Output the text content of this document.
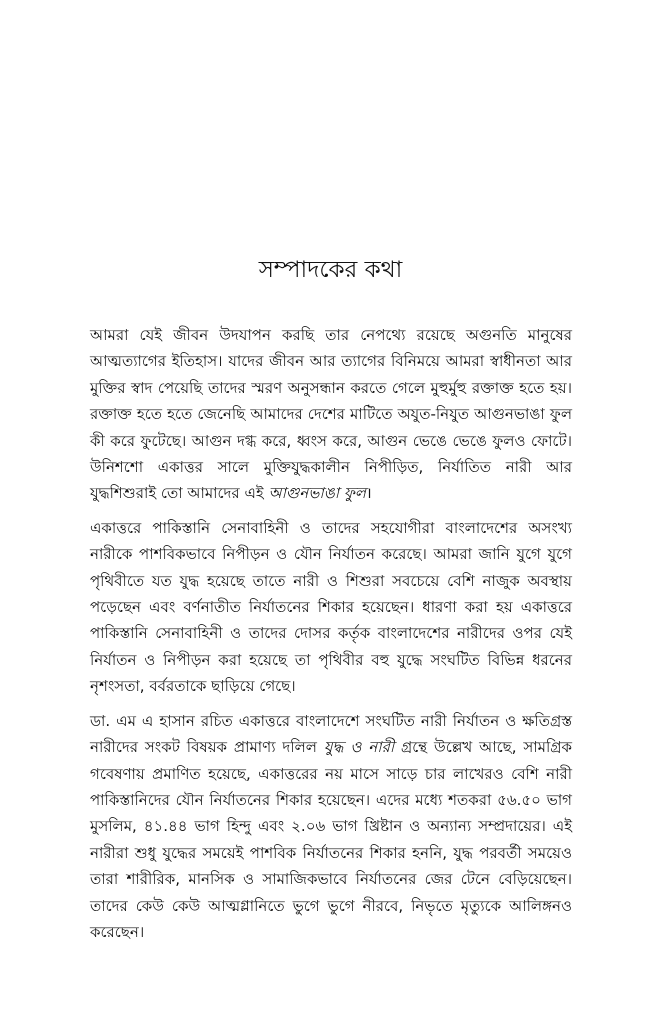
সম্পাদকের কথা

আমরা যেই জীবন উদযাপন করছি তার নেপথ্যে রয়েছে অগুনতি মানুষের আত্মত্যাগের ইতিহাস। যাদের জীবন আর ত্যাগের বিনিময়ে আমরা স্বাধীনতা আর মুক্তির স্বাদ পেয়েছি তাদের স্মরণ অনুসন্ধান করতে গেলে মুহুর্মুহু রক্তাক্ত হতে হয়। রক্তাক্ত হতে হতে জেনেছি আমাদের দেশের মাটিতে অযুত-নিযুত আগুনভাঙা ফুল কী করে ফুটেছে। আগুন দগ্ধ করে, ধ্বংস করে, আগুন ভেঙে ভেঙে ফুলও ফোটে। উনিশশো একাত্তর সালে মুক্তিযুদ্ধকালীন নিপীড়িত, নির্যাতিত নারী আর যুদ্ধশিশুরাই তো আমাদের এই আগুনভাঙা ফুল।

একাত্তরে পাকিস্তানি সেনাবাহিনী ও তাদের সহযোগীরা বাংলাদেশের অসংখ্য নারীকে পাশবিকভাবে নিপীড়ন ও যৌন নির্যাতন করেছে। আমরা জানি যুগে যুগে পৃথিবীতে যত যুদ্ধ হয়েছে তাতে নারী ও শিশুরা সবচেয়ে বেশি নাজুক অবস্থায় পড়েছেন এবং বর্ণনাতীত নির্যাতনের শিকার হয়েছেন। ধারণা করা হয় একাত্তরে পাকিস্তানি সেনাবাহিনী ও তাদের দোসর কর্তৃক বাংলাদেশের নারীদের ওপর যেই নির্যাতন ও নিপীড়ন করা হয়েছে তা পৃথিবীর বহু যুদ্ধে সংঘটিত বিভিন্ন ধরনের নৃশংসতা, বর্বরতাকে ছাড়িয়ে গেছে।

ডা. এম এ হাসান রচিত একাত্তরে বাংলাদেশে সংঘটিত নারী নির্যাতন ও ক্ষতিগ্রস্ত নারীদের সংকট বিষয়ক প্রামাণ্য দলিল যুদ্ধ ও নারী গ্রন্থে উল্লেখ আছে, সামগ্রিক গবেষণায় প্রমাণিত হয়েছে, একাত্তরের নয় মাসে সাড়ে চার লাখেরও বেশি নারী পাকিস্তানিদের যৌন নির্যাতনের শিকার হয়েছেন। এদের মধ্যে শতকরা ৫৬.৫০ ভাগ মুসলিম, ৪১.৪৪ ভাগ হিন্দু এবং ২.০৬ ভাগ খ্রিষ্টান ও অন্যান্য সম্প্রদায়ের। এই নারীরা শুধু যুদ্ধের সময়েই পাশবিক নির্যাতনের শিকার হননি, যুদ্ধ পরবর্তী সময়েও তারা শারীরিক, মানসিক ও সামাজিকভাবে নির্যাতনের জের টেনে বেড়িয়েছেন। তাদের কেউ কেউ আত্মগ্লানিতে ভুগে ভুগে নীরবে, নিভৃতে মৃত্যুকে আলিঙ্গনও করেছেন।
